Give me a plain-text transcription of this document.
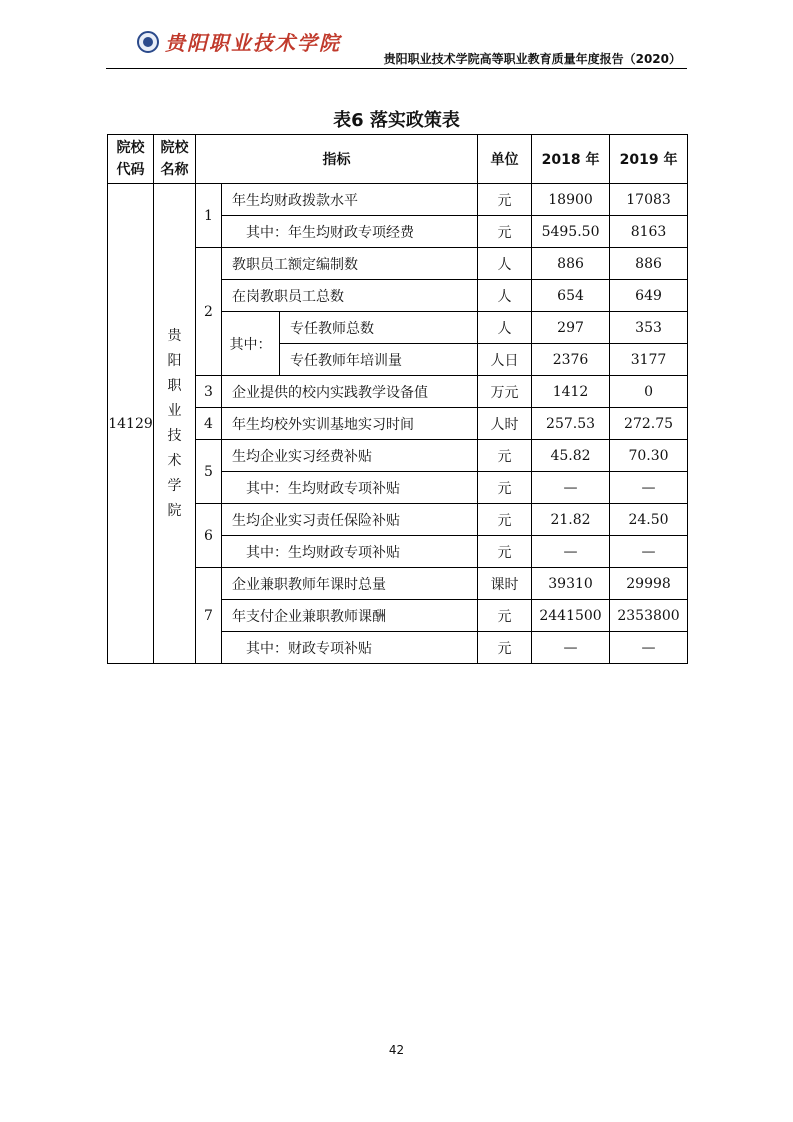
贵阳职业技术学院
贵阳职业技术学院高等职业教育质量年度报告（2020）
表6 落实政策表
院校代码	院校名称	指标			单位	2018 年	2019 年
14129	贵阳职业技术学院	1	年生均财政拨款水平		元	18900	17083
			其中：年生均财政专项经费		元	5495.50	8163
		2	教职员工额定编制数		人	886	886
			在岗教职员工总数		人	654	649
			其中：	专任教师总数	人	297	353
				专任教师年培训量	人日	2376	3177
		3	企业提供的校内实践教学设备值		万元	1412	0
		4	年生均校外实训基地实习时间		人时	257.53	272.75
		5	生均企业实习经费补贴		元	45.82	70.30
			其中：生均财政专项补贴		元	—	—
		6	生均企业实习责任保险补贴		元	21.82	24.50
			其中：生均财政专项补贴		元	—	—
		7	企业兼职教师年课时总量		课时	39310	29998
			年支付企业兼职教师课酬		元	2441500	2353800
			其中：财政专项补贴		元	—	—
42
